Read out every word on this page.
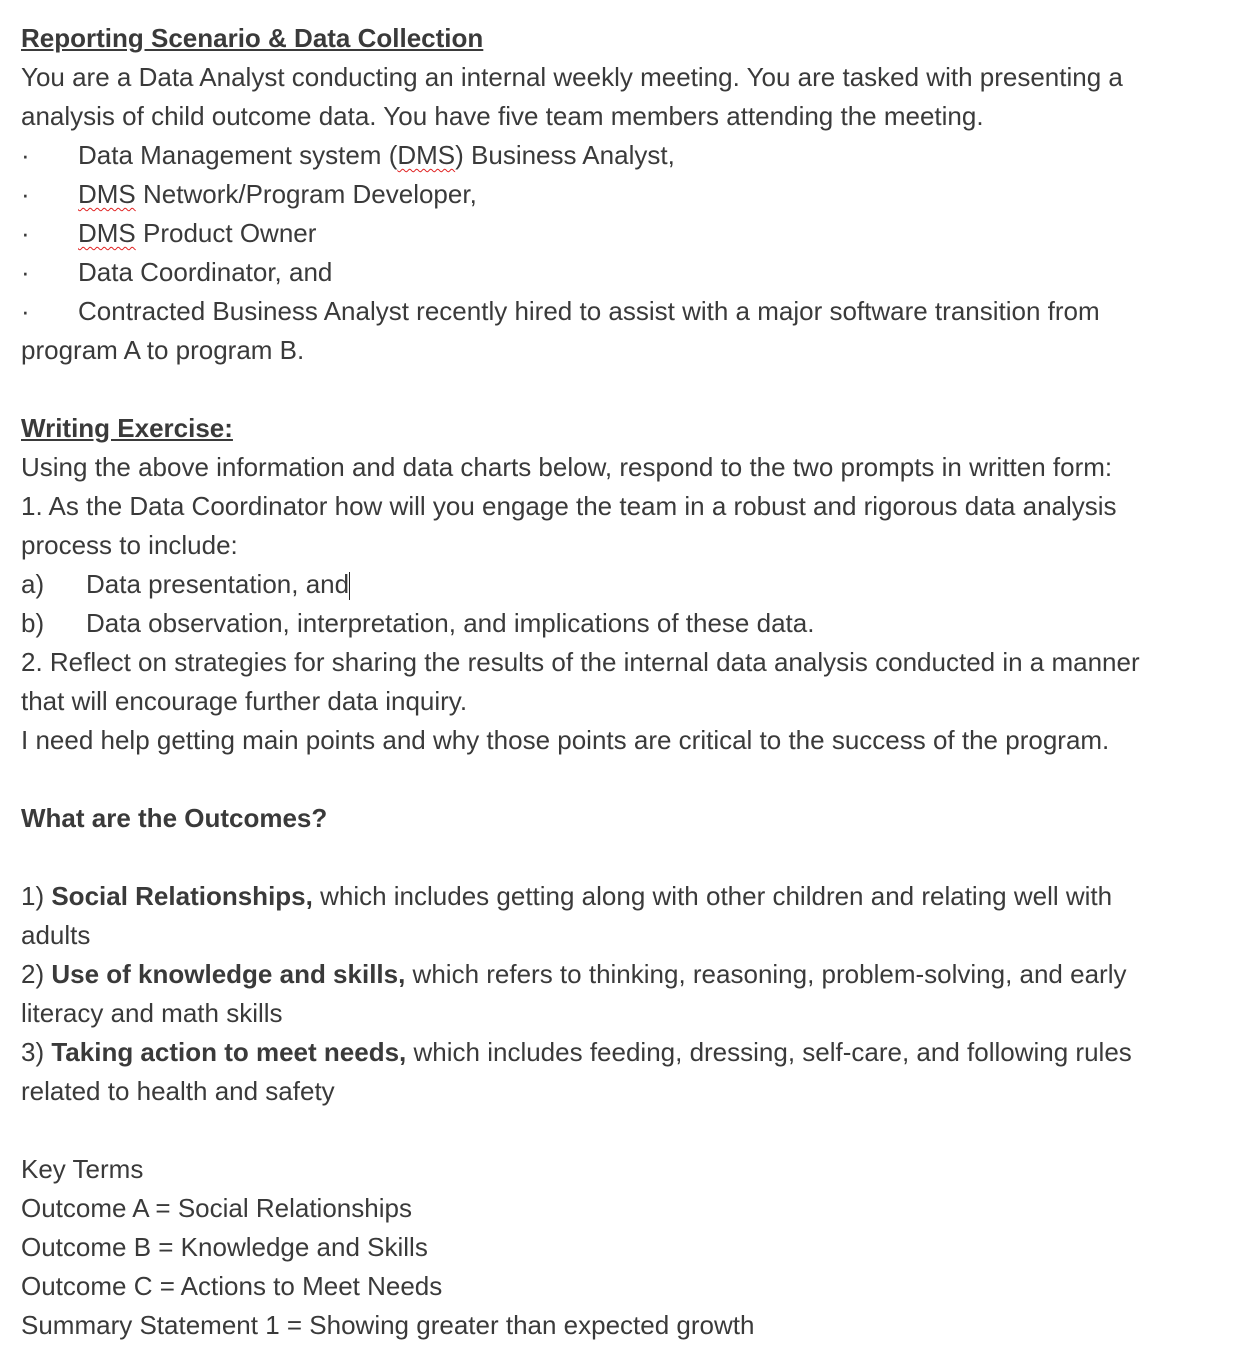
Reporting Scenario & Data Collection
You are a Data Analyst conducting an internal weekly meeting. You are tasked with presenting a
analysis of child outcome data. You have five team members attending the meeting.
· Data Management system (DMS) Business Analyst,
· DMS Network/Program Developer,
· DMS Product Owner
· Data Coordinator, and
· Contracted Business Analyst recently hired to assist with a major software transition from
program A to program B.
Writing Exercise:
Using the above information and data charts below, respond to the two prompts in written form:
1. As the Data Coordinator how will you engage the team in a robust and rigorous data analysis
process to include:
a) Data presentation, and
b) Data observation, interpretation, and implications of these data.
2. Reflect on strategies for sharing the results of the internal data analysis conducted in a manner
that will encourage further data inquiry.
I need help getting main points and why those points are critical to the success of the program.
What are the Outcomes?
1) Social Relationships, which includes getting along with other children and relating well with
adults
2) Use of knowledge and skills, which refers to thinking, reasoning, problem-solving, and early
literacy and math skills
3) Taking action to meet needs, which includes feeding, dressing, self-care, and following rules
related to health and safety
Key Terms
Outcome A = Social Relationships
Outcome B = Knowledge and Skills
Outcome C = Actions to Meet Needs
Summary Statement 1 = Showing greater than expected growth
